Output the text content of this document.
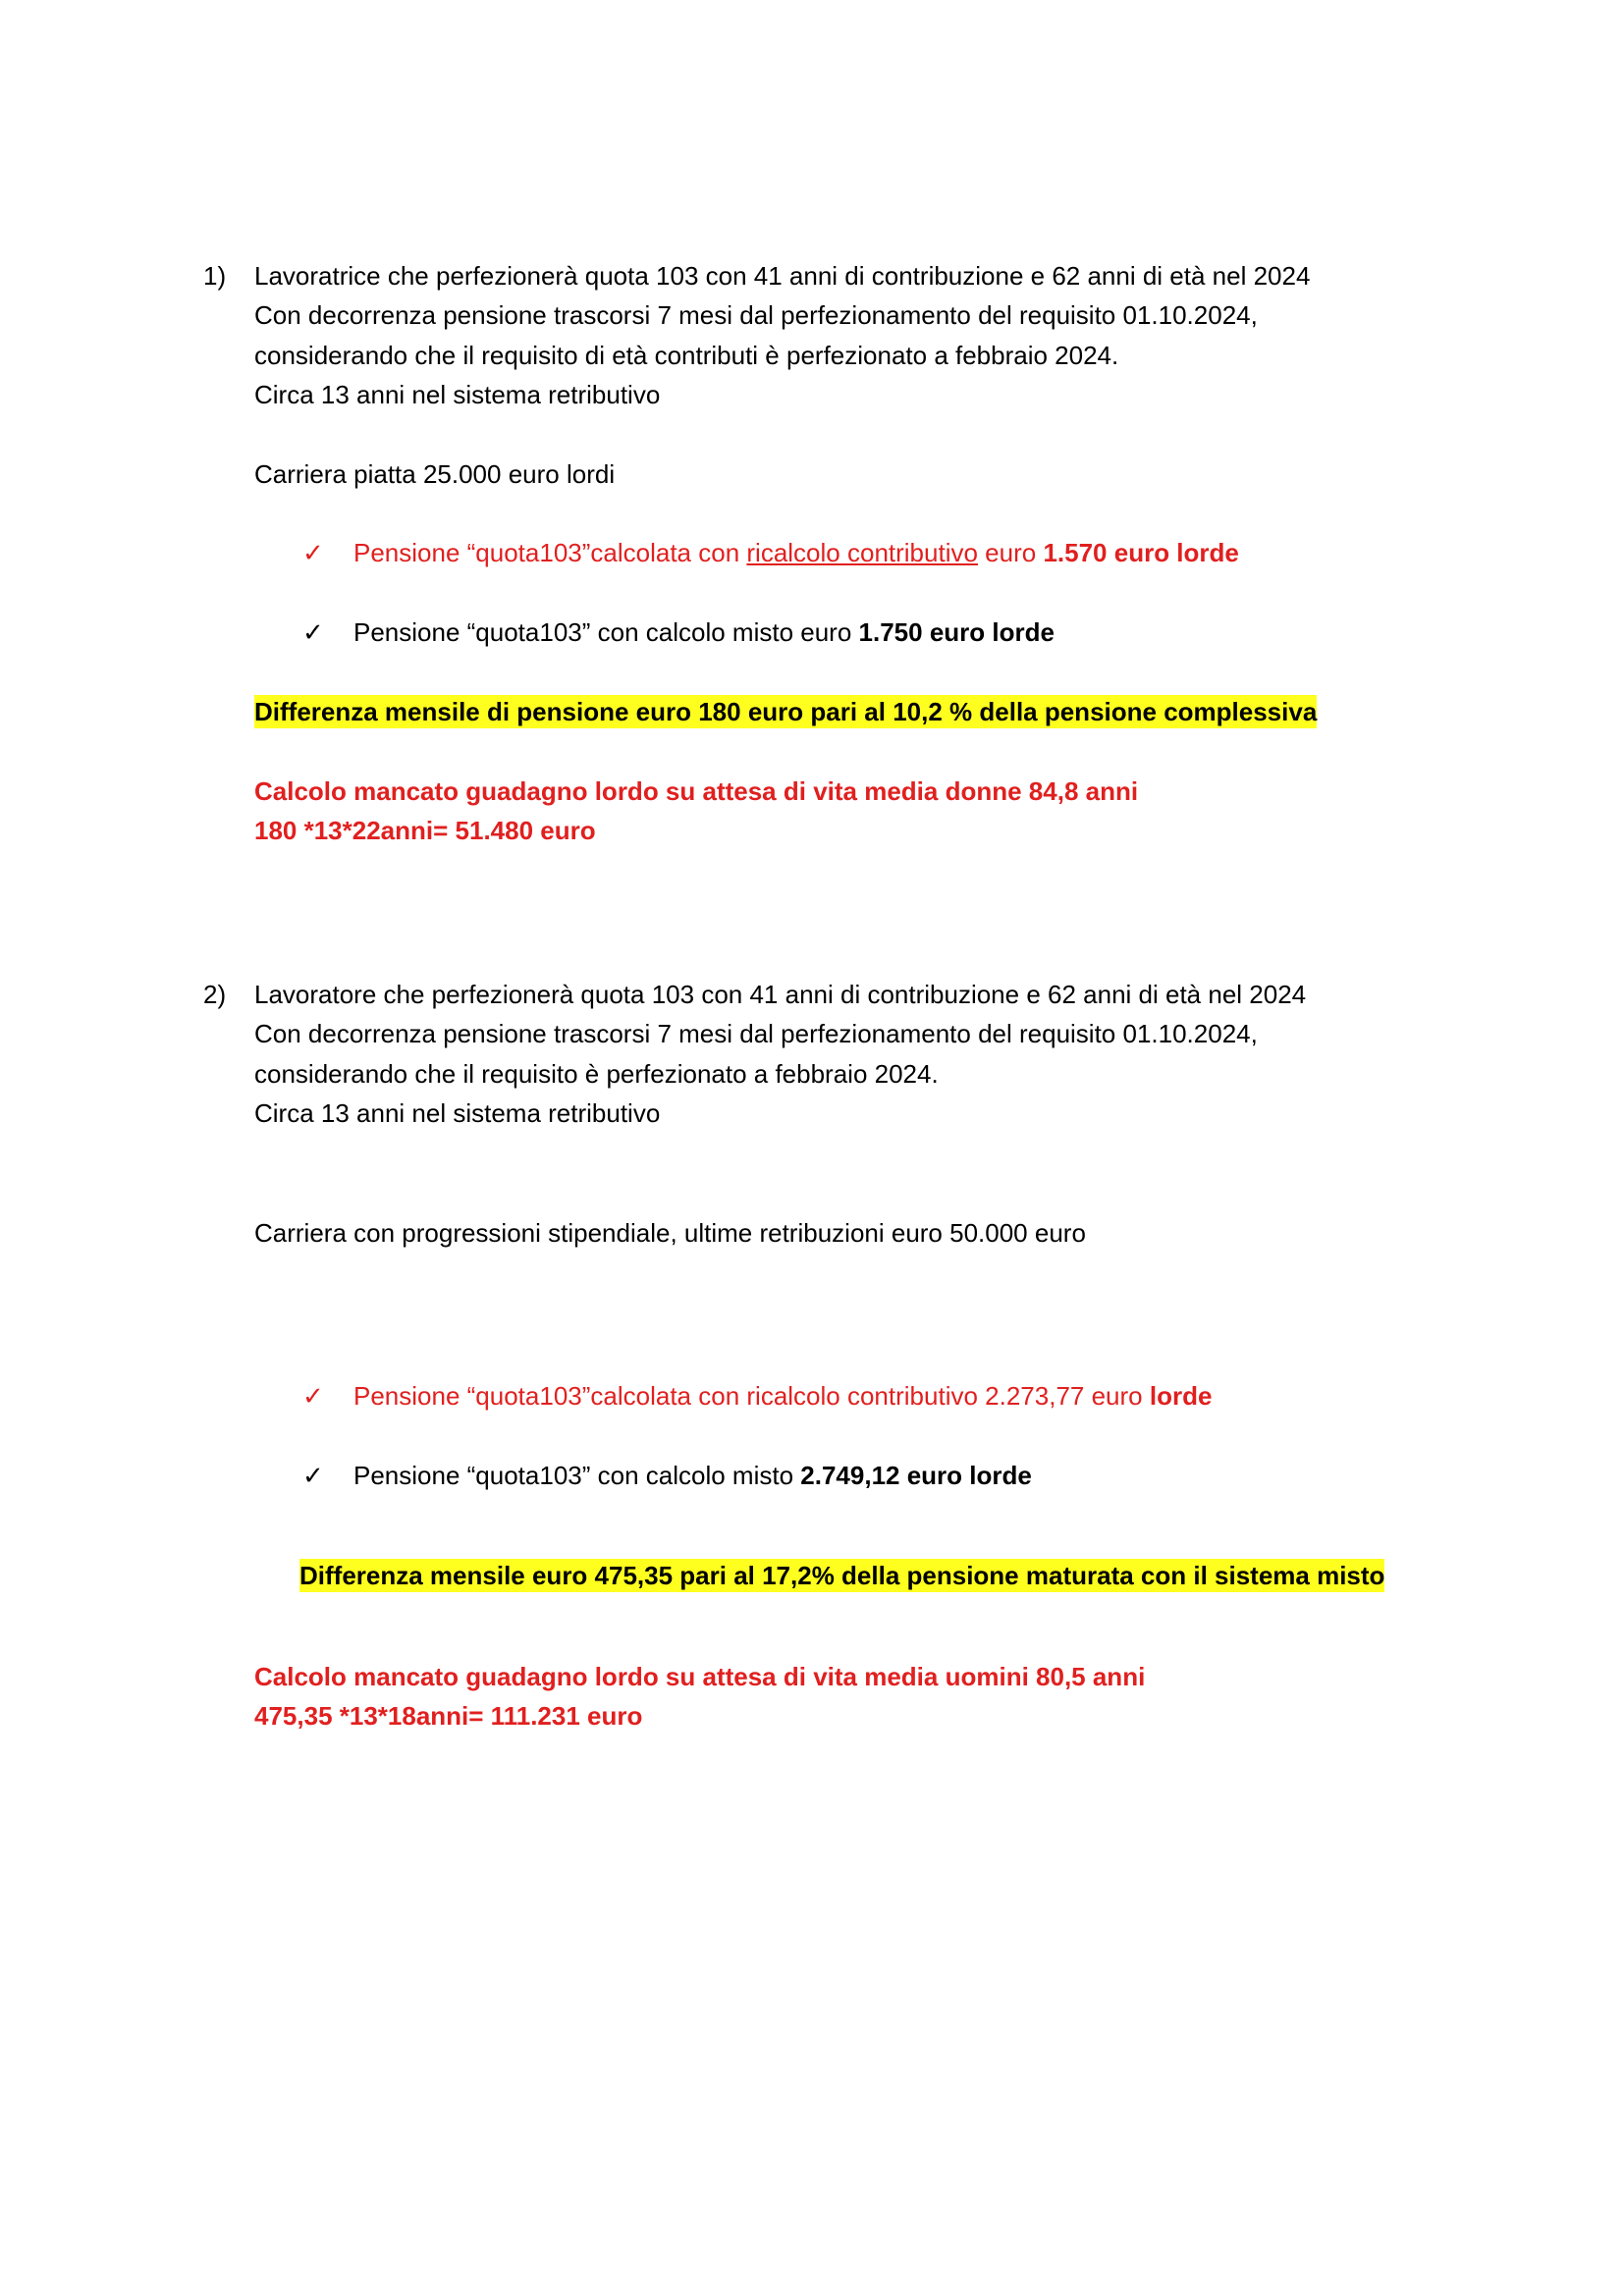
1) Lavoratrice che perfezionerà quota 103 con 41 anni di contribuzione e 62 anni di età nel 2024
Con decorrenza pensione trascorsi 7 mesi dal perfezionamento del requisito 01.10.2024,
considerando che il requisito di età contributi è perfezionato a febbraio 2024.
Circa 13 anni nel sistema retributivo
Carriera piatta 25.000 euro lordi
✓ Pensione “quota103”calcolata con ricalcolo contributivo euro 1.570 euro lorde
✓ Pensione “quota103” con calcolo misto euro 1.750 euro lorde
Differenza mensile di pensione euro 180 euro pari al 10,2 % della pensione complessiva
Calcolo mancato guadagno lordo su attesa di vita media donne 84,8 anni
180 *13*22anni= 51.480 euro
2) Lavoratore che perfezionerà quota 103 con 41 anni di contribuzione e 62 anni di età nel 2024
Con decorrenza pensione trascorsi 7 mesi dal perfezionamento del requisito 01.10.2024,
considerando che il requisito è perfezionato a febbraio 2024.
Circa 13 anni nel sistema retributivo
Carriera con progressioni stipendiale, ultime retribuzioni euro 50.000 euro
✓ Pensione “quota103”calcolata con ricalcolo contributivo 2.273,77 euro lorde
✓ Pensione “quota103” con calcolo misto 2.749,12 euro lorde
Differenza mensile euro 475,35 pari al 17,2% della pensione maturata con il sistema misto
Calcolo mancato guadagno lordo su attesa di vita media uomini 80,5 anni
475,35 *13*18anni= 111.231 euro
